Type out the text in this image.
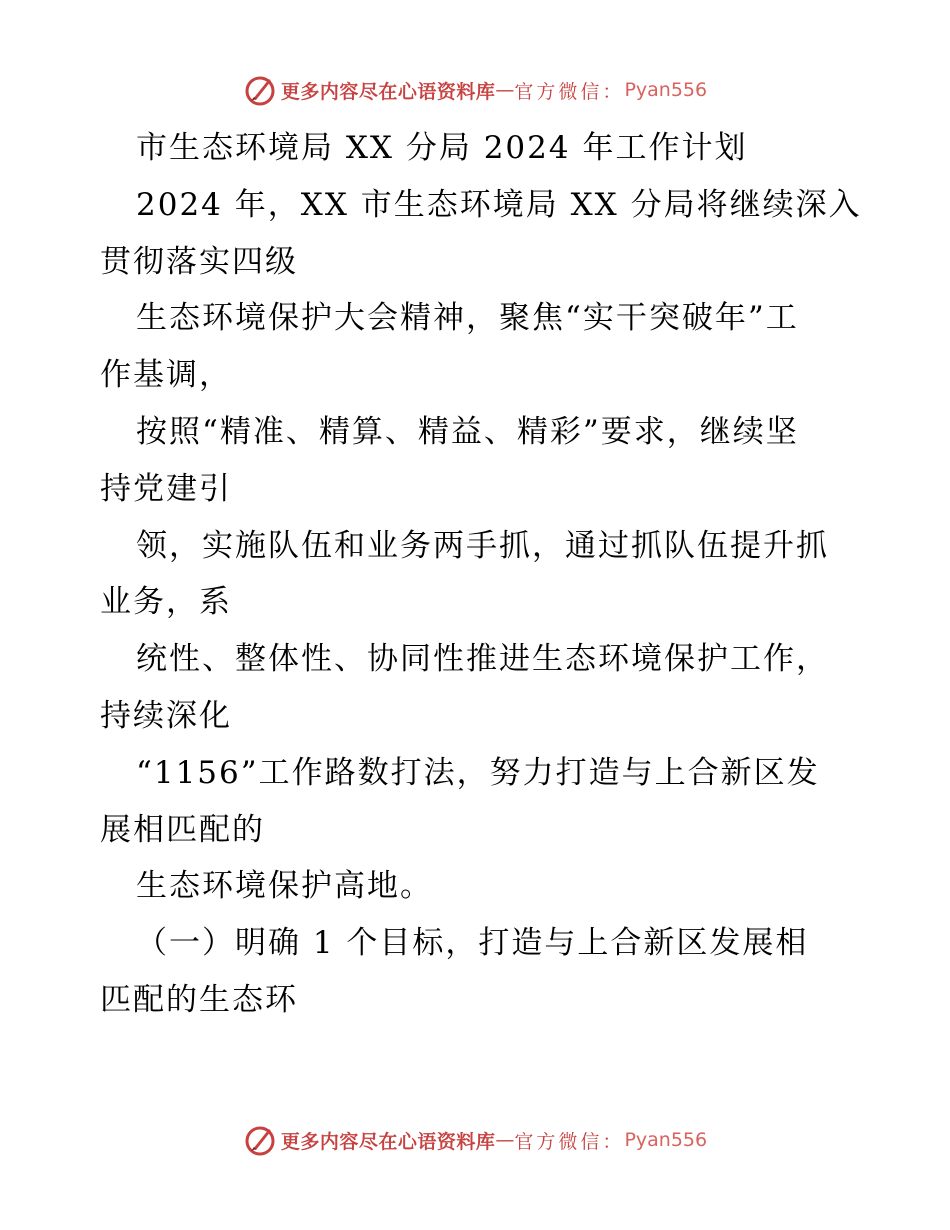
更多内容尽在心语资料库 — 官方微信： Pyan556
市生态环境局 XX 分局 2024 年工作计划
2024 年，XX 市生态环境局 XX 分局将继续深入
贯彻落实四级
生态环境保护大会精神，聚焦“实干突破年”工
作基调，
按照“精准、精算、精益、精彩”要求，继续坚
持党建引
领，实施队伍和业务两手抓，通过抓队伍提升抓
业务，系
统性、整体性、协同性推进生态环境保护工作，
持续深化
“1156”工作路数打法，努力打造与上合新区发
展相匹配的
生态环境保护高地。
（一）明确 1 个目标，打造与上合新区发展相
匹配的生态环
更多内容尽在心语资料库 — 官方微信： Pyan556
